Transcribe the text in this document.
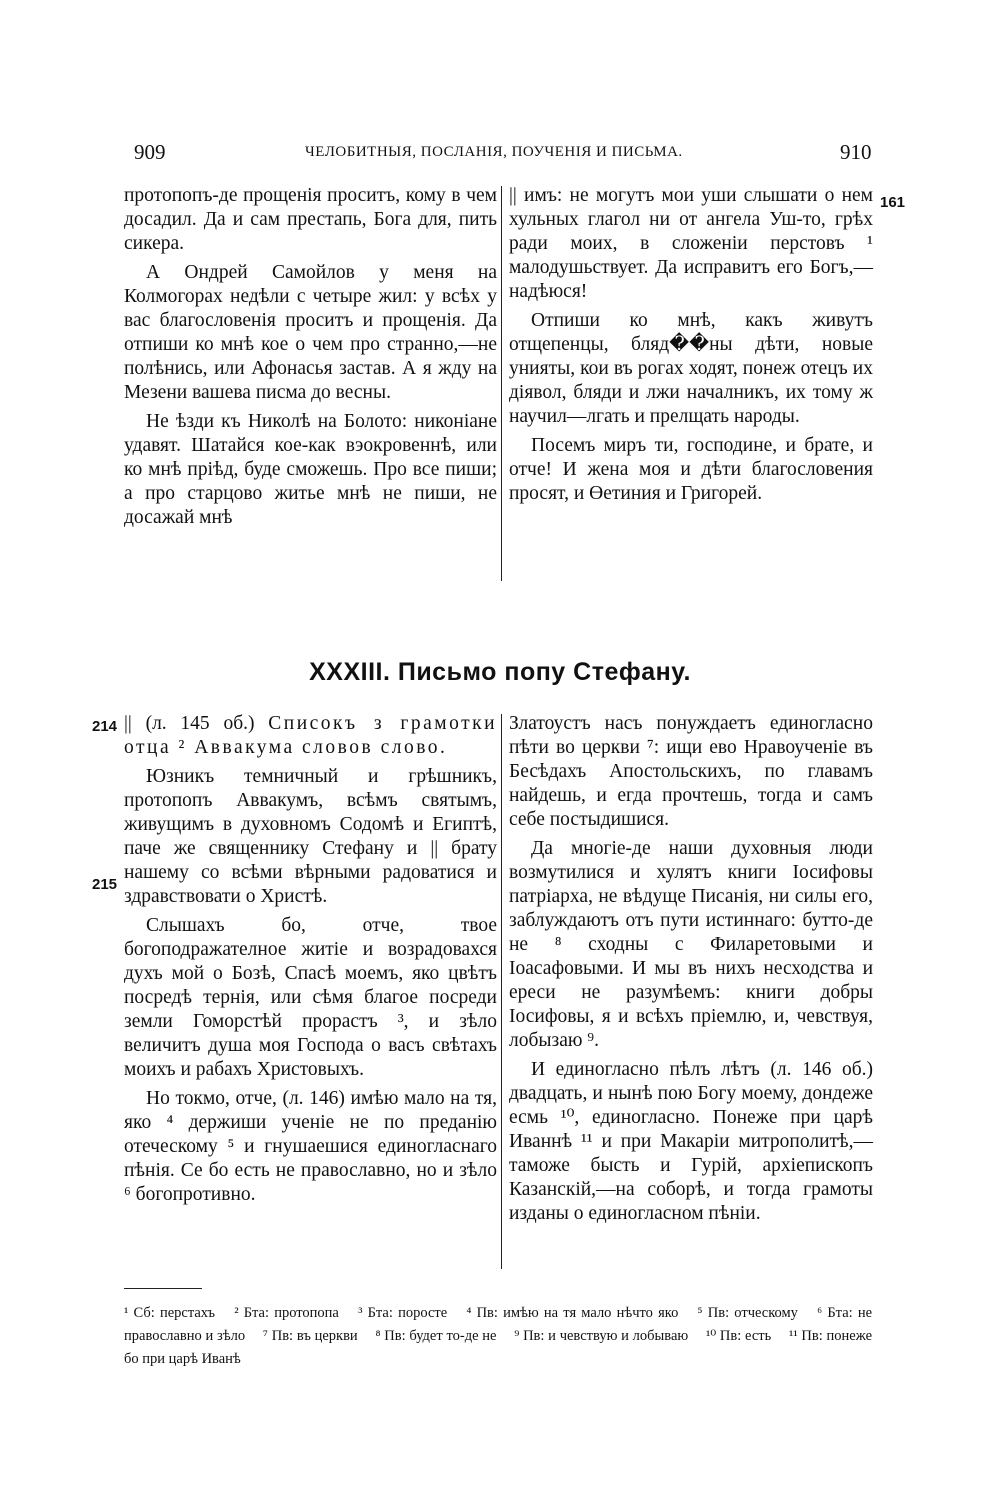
909	ЧЕЛОБИТНЫЯ, ПОСЛАНІЯ, ПОУЧЕНІЯ И ПИСЬМА.	910

протопопъ-де прощенія проситъ, кому в чем досадил. Да и сам престапь, Бога для, пить сикера.

А Ондрей Самойлов у меня на Колмогорах недѣли с четыре жил: у всѣх у вас благословенія проситъ и прощенія. Да отпиши ко мнѣ кое о чем про странно,—не полѣнись, или Афонасья застав. А я жду на Мезени вашева писма до весны.

Не ѣзди къ Николѣ на Болото: никоніане удавят. Шатайся кое-как вэокровеннѣ, или ко мнѣ пріѣд, буде сможешь. Про все пиши; а про старцово житье мнѣ не пиши, не досажай мнѣ

|| имъ: не могутъ мои уши слышати о нем хульных глагол ни от ангела Уш-то, грѣх ради моих, в сложеніи перстовъ ¹ малодушьствует. Да исправитъ его Богъ,—надѣюся!

Отпиши ко мнѣ, какъ живутъ отщепенцы, бляд��ны дѣти, новые унияты, кои въ рогах ходят, понеж отецъ их діявол, бляди и лжи началникъ, их тому ж научил—лгать и прелщать народы.

Посемъ миръ ти, господине, и брате, и отче! И жена моя и дѣти благословения просят, и Өетиния и Григорей.

161
XXXIII. Письмо попу Стефану.
214
215

|| (л. 145 об.) Списокъ з грамотки отца ² Аввакума словов слово.

Юзникъ темничный и грѣшникъ, протопопъ Аввакумъ, всѣмъ святымъ, живущимъ в духовномъ Содомѣ и Египтѣ, паче же священнику Стефану и || брату нашему со всѣми вѣрными радоватися и здравствовати о Христѣ.

Слышахъ бо, отче, твое богоподражателное житіе и возрадовахся духъ мой о Бозѣ, Спасѣ моемъ, яко цвѣтъ посредѣ тернія, или сѣмя благое посреди земли Гоморстѣй прорастъ ³, и зѣло величитъ душа моя Господа о васъ свѣтахъ моихъ и рабахъ Христовыхъ.

Но токмо, отче, (л. 146) имѣю мало на тя, яко ⁴ держиши ученіе не по преданію отеческому ⁵ и гнушаешися единогласнаго пѣнія. Се бо есть не православно, но и зѣло ⁶ богопротивно.

Златоустъ насъ понуждаетъ единогласно пѣти во церкви ⁷: ищи ево Нравоученіе въ Бесѣдахъ Апостольскихъ, по главамъ найдешь, и егда прочтешь, тогда и самъ себе постыдишися.

Да многіе-де наши духовныя люди возмутилися и хулятъ книги Іосифовы патріарха, не вѣдуще Писанія, ни силы его, заблуждаютъ отъ пути истиннаго: бутто-де не ⁸ сходны с Филаретовыми и Іоасафовыми. И мы въ нихъ несходства и ереси не разумѣемъ: книги добры Іосифовы, я и всѣхъ пріемлю, и, чевствуя, лобызаю ⁹.

И единогласно пѣлъ лѣтъ (л. 146 об.) двадцать, и нынѣ пою Богу моему, дондеже есмь ¹⁰, единогласно. Понеже при царѣ Иваннѣ ¹¹ и при Макаріи митрополитѣ,—таможе бысть и Гурій, архіепископъ Казанскій,—на соборѣ, и тогда грамоты изданы о единогласном пѣніи.

¹ Сб: перстахъ ² Бта: протопопа ³ Бта: поросте ⁴ Пв: имѣю на тя мало нѣчто яко ⁵ Пв: отческому ⁶ Бта: не православно и зѣло ⁷ Пв: въ церкви ⁸ Пв: будет то-де не ⁹ Пв: и чевствую и лобываю ¹⁰ Пв: есть ¹¹ Пв: понеже бо при царѣ Иванѣ
